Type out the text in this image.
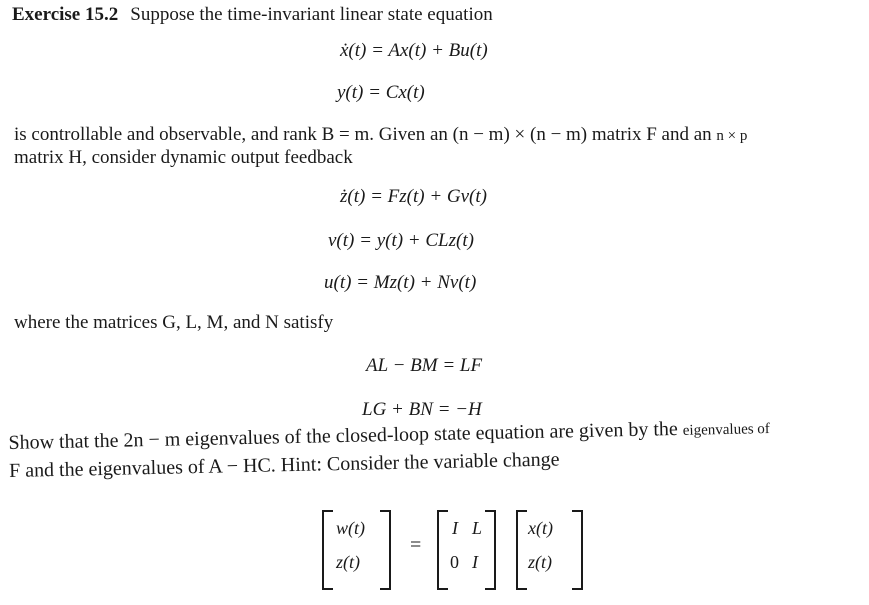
Exercise 15.2 Suppose the time-invariant linear state equation
ẋ(t) = Ax(t) + Bu(t)
y(t) = Cx(t)
is controllable and observable, and rank B = m. Given an (n − m) × (n − m) matrix F and an n × p
matrix H, consider dynamic output feedback
ż(t) = Fz(t) + Gv(t)
v(t) = y(t) + CLz(t)
u(t) = Mz(t) + Nv(t)
where the matrices G, L, M, and N satisfy
AL − BM = LF
LG + BN = −H
Show that the 2n − m eigenvalues of the closed-loop state equation are given by the eigenvalues of
F and the eigenvalues of A − HC. Hint: Consider the variable change
w(t)
z(t)
=
I L
0 I
x(t)
z(t)
